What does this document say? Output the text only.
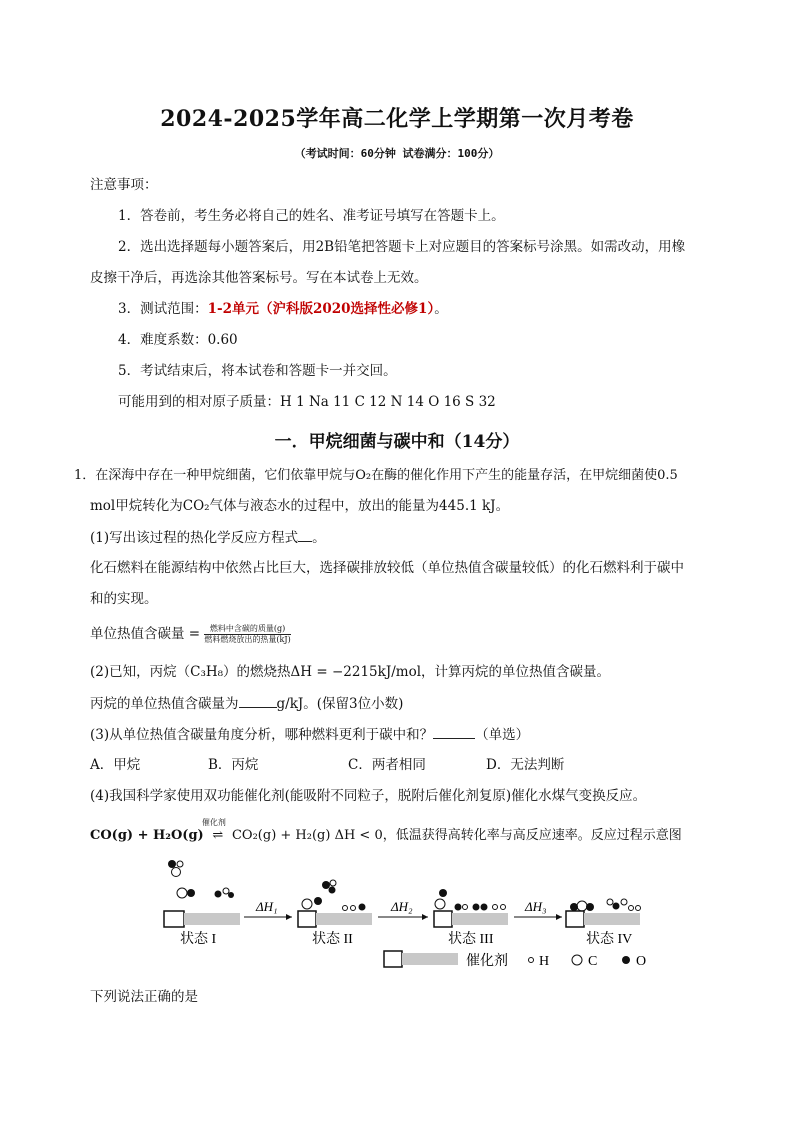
2024-2025学年高二化学上学期第一次月考卷
（考试时间：60分钟 试卷满分：100分）
注意事项：
1．答卷前，考生务必将自己的姓名、准考证号填写在答题卡上。
2．选出选择题每小题答案后，用2B铅笔把答题卡上对应题目的答案标号涂黑。如需改动，用橡
皮擦干净后，再选涂其他答案标号。写在本试卷上无效。
3．测试范围：1-2单元（沪科版2020选择性必修1）。
4．难度系数：0.60
5．考试结束后，将本试卷和答题卡一并交回。
可能用到的相对原子质量：H 1 Na 11 C 12 N 14 O 16 S 32
一．甲烷细菌与碳中和（14分）
1．在深海中存在一种甲烷细菌，它们依靠甲烷与O₂在酶的催化作用下产生的能量存活，在甲烷细菌使0.5
mol甲烷转化为CO₂气体与液态水的过程中，放出的能量为445.1 kJ。
(1)写出该过程的热化学反应方程式 。
化石燃料在能源结构中依然占比巨大，选择碳排放较低（单位热值含碳量较低）的化石燃料利于碳中
和的实现。
单位热值含碳量 = $\frac{\text{燃料中含碳的质量(g)}}{\text{燃料燃烧放出的热量(kJ)}}$
(2)已知，丙烷（C₃H₈）的燃烧热ΔH = −2215kJ/mol，计算丙烷的单位热值含碳量。
丙烷的单位热值含碳量为	g/kJ。(保留3位小数)
(3)从单位热值含碳量角度分析，哪种燃料更利于碳中和？	（单选）
A．甲烷	B．丙烷	C．两者相同	D．无法判断
(4)我国科学家使用双功能催化剂(能吸附不同粒子，脱附后催化剂复原)催化水煤气变换反应。
CO(g) + H₂O(g)
催化剂
⇌ CO₂(g) + H₂(g) ΔH < 0，低温获得高转化率与高反应速率。反应过程示意图
状态 I
ΔH₁
状态 II
ΔH₂
状态 III
ΔH₃
状态 IV
催化剂 H	C	O
下列说法正确的是
